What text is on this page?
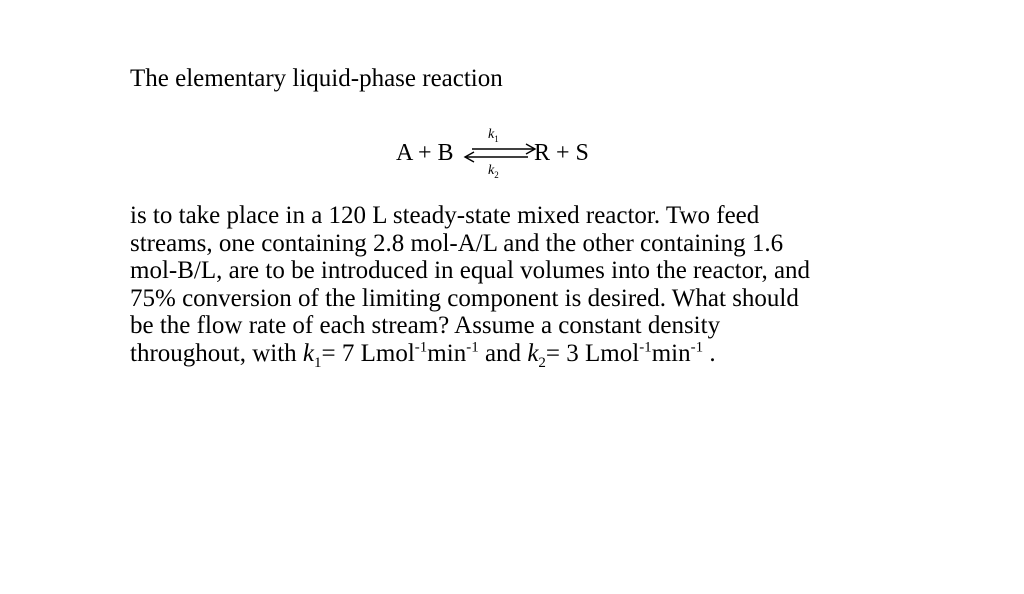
The elementary liquid-phase reaction
A + B
$k_1$
$k_2$
R + S
is to take place in a 120 L steady-state mixed reactor. Two feed
streams, one containing 2.8 mol-A/L and the other containing 1.6
mol-B/L, are to be introduced in equal volumes into the reactor, and
75% conversion of the limiting component is desired. What should
be the flow rate of each stream? Assume a constant density
throughout, with $k_1= 7$ $Lmol^{-1}\min^{-1}$ and $k_2= 3$ $Lmol^{-1}\min^{-1}$ .
